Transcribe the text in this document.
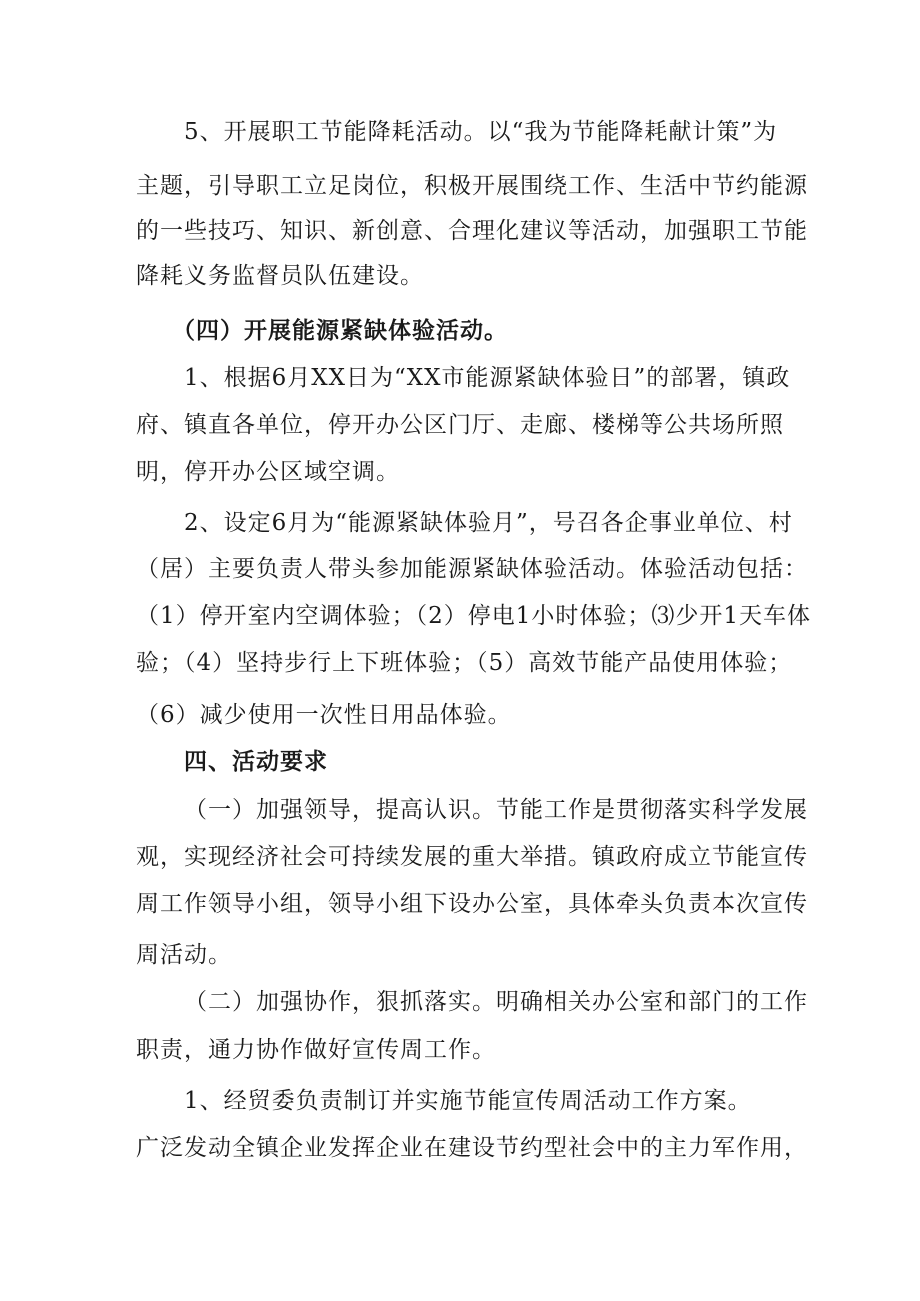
5、开展职工节能降耗活动。以“我为节能降耗献计策”为
主题，引导职工立足岗位，积极开展围绕工作、生活中节约能源
的一些技巧、知识、新创意、合理化建议等活动，加强职工节能
降耗义务监督员队伍建设。
（四）开展能源紧缺体验活动。
1、根据6月XX日为“XX市能源紧缺体验日”的部署，镇政
府、镇直各单位，停开办公区门厅、走廊、楼梯等公共场所照
明，停开办公区域空调。
2、设定6月为“能源紧缺体验月”，号召各企事业单位、村
（居）主要负责人带头参加能源紧缺体验活动。体验活动包括：
（1）停开室内空调体验；（2）停电1小时体验；⑶少开1天车体
验；（4）坚持步行上下班体验；（5）高效节能产品使用体验；
（6）减少使用一次性日用品体验。
四、活动要求
（一）加强领导，提高认识。节能工作是贯彻落实科学发展
观，实现经济社会可持续发展的重大举措。镇政府成立节能宣传
周工作领导小组，领导小组下设办公室，具体牵头负责本次宣传
周活动。
（二）加强协作，狠抓落实。明确相关办公室和部门的工作
职责，通力协作做好宣传周工作。
1、经贸委负责制订并实施节能宣传周活动工作方案。
广泛发动全镇企业发挥企业在建设节约型社会中的主力军作用，
